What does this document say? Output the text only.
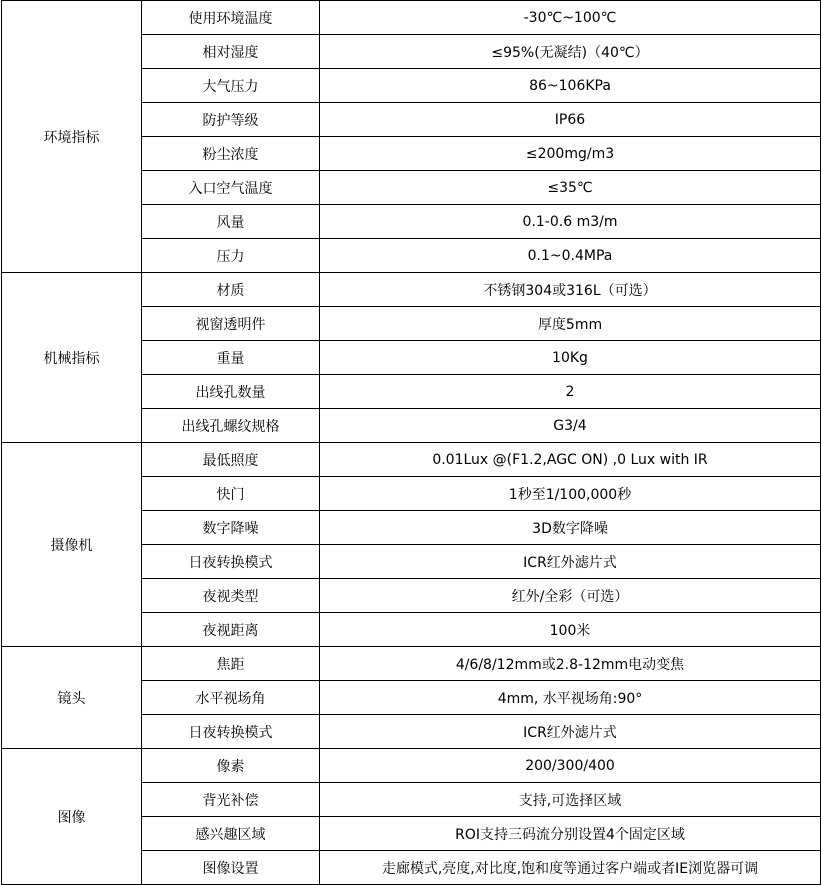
环境指标	使用环境温度	-30℃~100℃
	相对湿度	≤95%(无凝结)（40℃）
	大气压力	86~106KPa
	防护等级	IP66
	粉尘浓度	≤200mg/m3
	入口空气温度	≤35℃
	风量	0.1-0.6 m3/m
	压力	0.1~0.4MPa
机械指标	材质	不锈钢304或316L（可选）
	视窗透明件	厚度5mm
	重量	10Kg
	出线孔数量	2
	出线孔螺纹规格	G3/4
摄像机	最低照度	0.01Lux @(F1.2,AGC ON) ,0 Lux with IR
	快门	1秒至1/100,000秒
	数字降噪	3D数字降噪
	日夜转换模式	ICR红外滤片式
	夜视类型	红外/全彩（可选）
	夜视距离	100米
镜头	焦距	4/6/8/12mm或2.8-12mm电动变焦
	水平视场角	4mm, 水平视场角:90°
	日夜转换模式	ICR红外滤片式
图像	像素	200/300/400
	背光补偿	支持,可选择区域
	感兴趣区域	ROI支持三码流分别设置4个固定区域
	图像设置	走廊模式,亮度,对比度,饱和度等通过客户端或者IE浏览器可调
